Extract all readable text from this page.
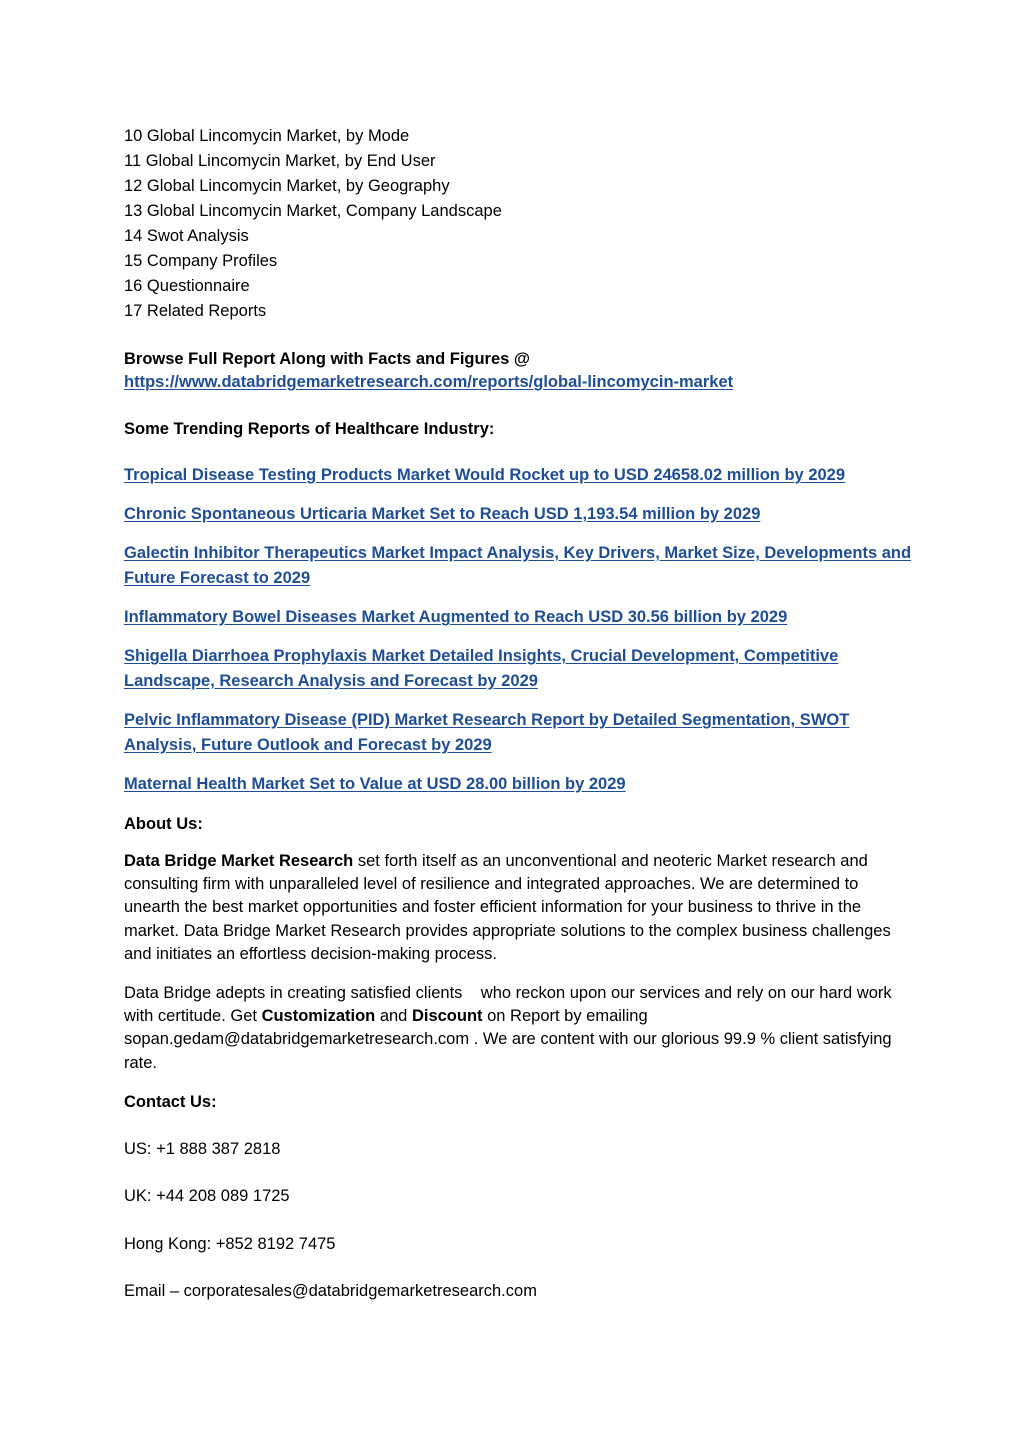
10 Global Lincomycin Market, by Mode
11 Global Lincomycin Market, by End User
12 Global Lincomycin Market, by Geography
13 Global Lincomycin Market, Company Landscape
14 Swot Analysis
15 Company Profiles
16 Questionnaire
17 Related Reports
Browse Full Report Along with Facts and Figures @
https://www.databridgemarketresearch.com/reports/global-lincomycin-market
Some Trending Reports of Healthcare Industry:
Tropical Disease Testing Products Market Would Rocket up to USD 24658.02 million by 2029
Chronic Spontaneous Urticaria Market Set to Reach USD 1,193.54 million by 2029
Galectin Inhibitor Therapeutics Market Impact Analysis, Key Drivers, Market Size, Developments and Future Forecast to 2029
Inflammatory Bowel Diseases Market Augmented to Reach USD 30.56 billion by 2029
Shigella Diarrhoea Prophylaxis Market Detailed Insights, Crucial Development, Competitive Landscape, Research Analysis and Forecast by 2029
Pelvic Inflammatory Disease (PID) Market Research Report by Detailed Segmentation, SWOT Analysis, Future Outlook and Forecast by 2029
Maternal Health Market Set to Value at USD 28.00 billion by 2029
About Us:

Data Bridge Market Research set forth itself as an unconventional and neoteric Market research and consulting firm with unparalleled level of resilience and integrated approaches. We are determined to unearth the best market opportunities and foster efficient information for your business to thrive in the market. Data Bridge Market Research provides appropriate solutions to the complex business challenges and initiates an effortless decision-making process.

Data Bridge adepts in creating satisfied clients    who reckon upon our services and rely on our hard work with certitude. Get Customization and Discount on Report by emailing sopan.gedam@databridgemarketresearch.com . We are content with our glorious 99.9 % client satisfying rate.

Contact Us:
US: +1 888 387 2818
UK: +44 208 089 1725
Hong Kong: +852 8192 7475
Email – corporatesales@databridgemarketresearch.com
